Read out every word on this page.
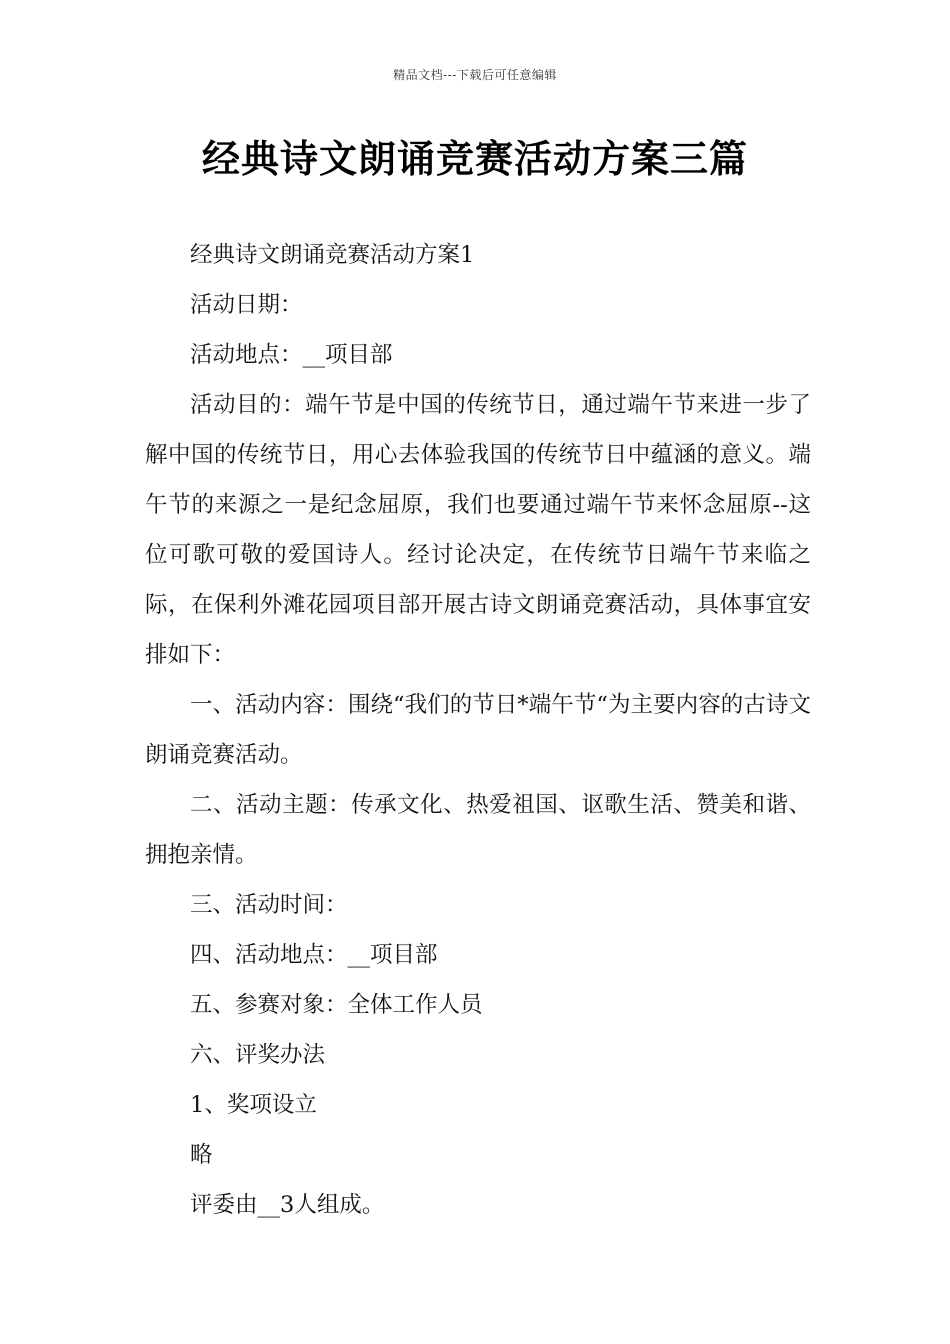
精品文档---下载后可任意编辑
经典诗文朗诵竞赛活动方案三篇

经典诗文朗诵竞赛活动方案1

活动日期：

活动地点：__项目部

活动目的：端午节是中国的传统节日，通过端午节来进一步了解中国的传统节日，用心去体验我国的传统节日中蕴涵的意义。端午节的来源之一是纪念屈原，我们也要通过端午节来怀念屈原--这位可歌可敬的爱国诗人。经讨论决定，在传统节日端午节来临之际，在保利外滩花园项目部开展古诗文朗诵竞赛活动，具体事宜安排如下：

一、活动内容：围绕“我们的节日*端午节“为主要内容的古诗文朗诵竞赛活动。

二、活动主题：传承文化、热爱祖国、讴歌生活、赞美和谐、拥抱亲情。

三、活动时间：

四、活动地点：__项目部

五、参赛对象：全体工作人员

六、评奖办法

1、奖项设立

略

评委由__3人组成。
